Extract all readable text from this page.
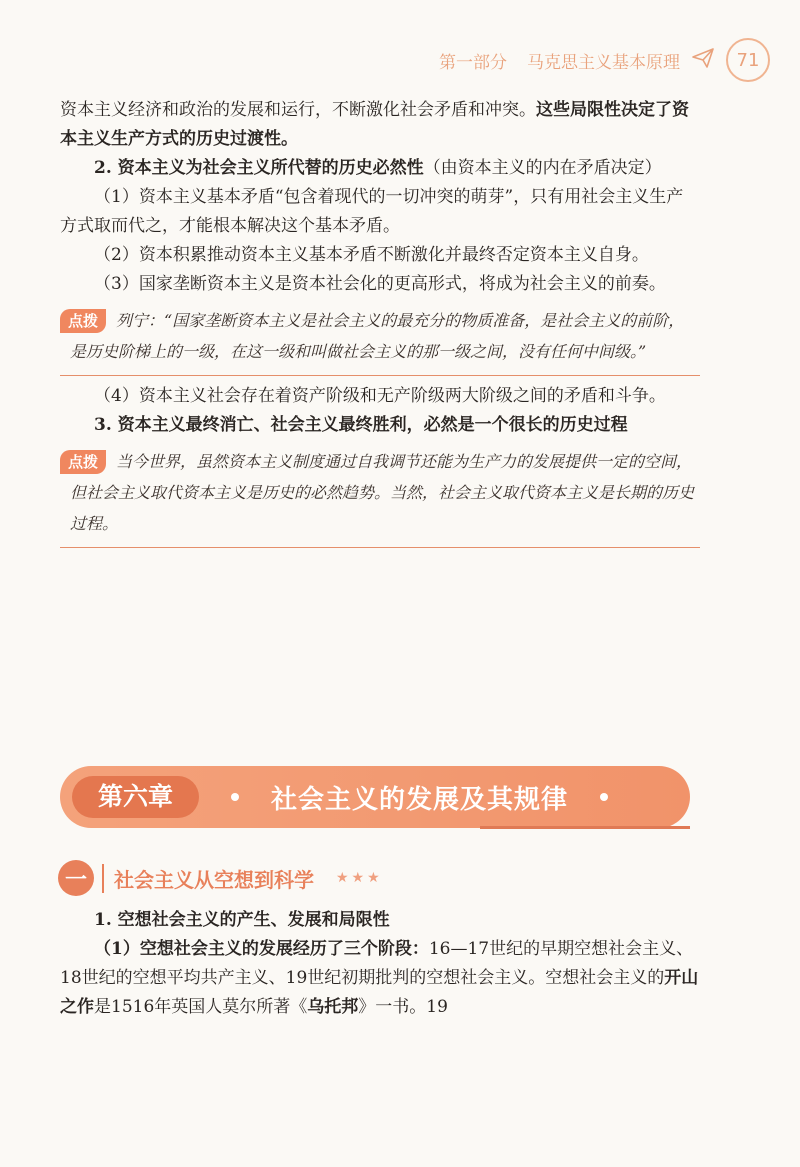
第一部分 马克思主义基本原理	71

资本主义经济和政治的发展和运行，不断激化社会矛盾和冲突。这些局限性决定了资本主义生产方式的历史过渡性。

2. 资本主义为社会主义所代替的历史必然性（由资本主义的内在矛盾决定）

（1）资本主义基本矛盾“包含着现代的一切冲突的萌芽”，只有用社会主义生产方式取而代之，才能根本解决这个基本矛盾。

（2）资本积累推动资本主义基本矛盾不断激化并最终否定资本主义自身。

（3）国家垄断资本主义是资本社会化的更高形式，将成为社会主义的前奏。

点拨 列宁：“国家垄断资本主义是社会主义的最充分的物质准备，是社会主义的前阶，是历史阶梯上的一级，在这一级和叫做社会主义的那一级之间，没有任何中间级。”

（4）资本主义社会存在着资产阶级和无产阶级两大阶级之间的矛盾和斗争。

3. 资本主义最终消亡、社会主义最终胜利，必然是一个很长的历史过程

点拨 当今世界，虽然资本主义制度通过自我调节还能为生产力的发展提供一定的空间，但社会主义取代资本主义是历史的必然趋势。当然，社会主义取代资本主义是长期的历史过程。
第六章	社会主义的发展及其规律
一	社会主义从空想到科学 ★★★

1. 空想社会主义的产生、发展和局限性

（1）空想社会主义的发展经历了三个阶段：16—17世纪的早期空想社会主义、18世纪的空想平均共产主义、19世纪初期批判的空想社会主义。空想社会主义的开山之作是1516年英国人莫尔所著《乌托邦》一书。19
